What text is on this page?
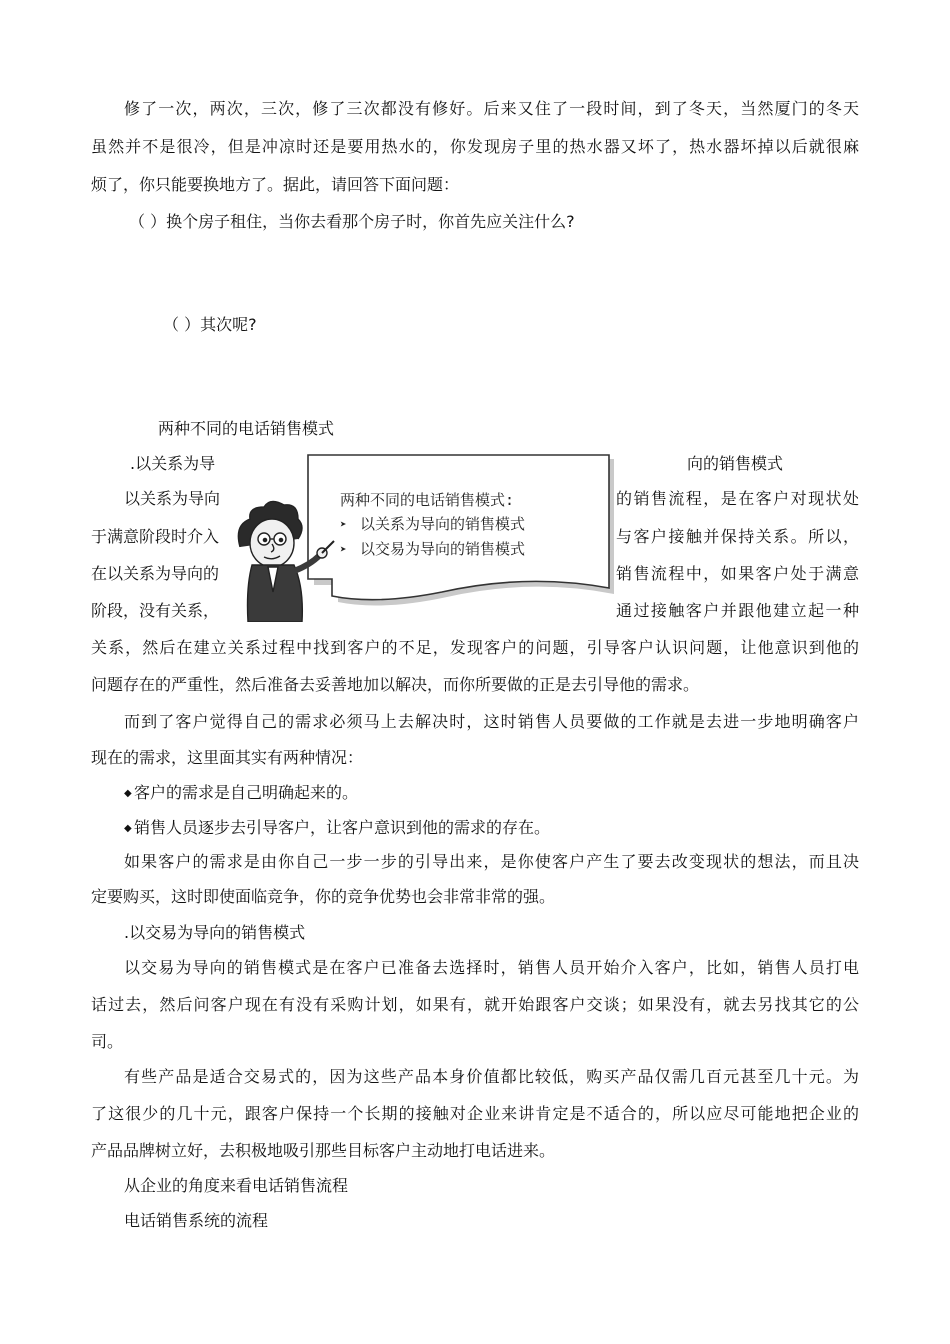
修了一次，两次，三次，修了三次都没有修好。后来又住了一段时间，到了冬天，当然厦门的冬天
虽然并不是很冷，但是冲凉时还是要用热水的，你发现房子里的热水器又坏了，热水器坏掉以后就很麻
烦了，你只能要换地方了。据此，请回答下面问题：
（ ）换个房子租住，当你去看那个房子时，你首先应关注什么?
（ ）其次呢?
两种不同的电话销售模式
.以关系为导	向的销售模式
以关系为导向	的销售流程，是在客户对现状处
于满意阶段时介入	与客户接触并保持关系。所以，
在以关系为导向的	销售流程中，如果客户处于满意
阶段，没有关系，	通过接触客户并跟他建立起一种
两种不同的电话销售模式:
➤ 以关系为导向的销售模式
➤ 以交易为导向的销售模式
关系，然后在建立关系过程中找到客户的不足，发现客户的问题，引导客户认识问题，让他意识到他的
问题存在的严重性，然后准备去妥善地加以解决，而你所要做的正是去引导他的需求。
而到了客户觉得自己的需求必须马上去解决时，这时销售人员要做的工作就是去进一步地明确客户
现在的需求，这里面其实有两种情况：
◆ 客户的需求是自己明确起来的。
◆ 销售人员逐步去引导客户，让客户意识到他的需求的存在。
如果客户的需求是由你自己一步一步的引导出来，是你使客户产生了要去改变现状的想法，而且决
定要购买，这时即使面临竞争，你的竞争优势也会非常非常的强。
.以交易为导向的销售模式
以交易为导向的销售模式是在客户已准备去选择时，销售人员开始介入客户，比如，销售人员打电
话过去，然后问客户现在有没有采购计划，如果有，就开始跟客户交谈；如果没有，就去另找其它的公
司。
有些产品是适合交易式的，因为这些产品本身价值都比较低，购买产品仅需几百元甚至几十元。为
了这很少的几十元，跟客户保持一个长期的接触对企业来讲肯定是不适合的，所以应尽可能地把企业的
产品品牌树立好，去积极地吸引那些目标客户主动地打电话进来。
从企业的角度来看电话销售流程
电话销售系统的流程
